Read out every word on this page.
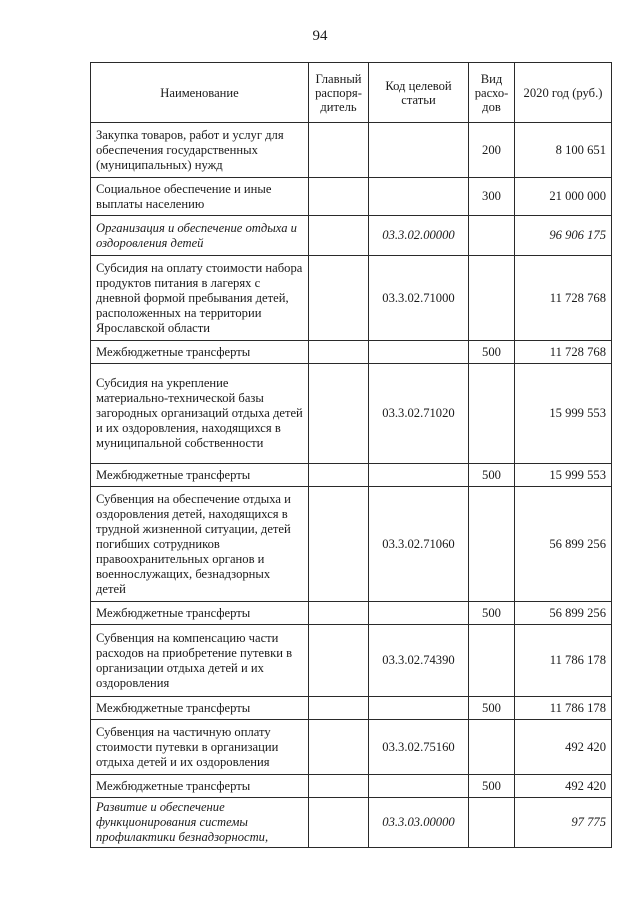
94
Наименование	Главный распоря-дитель	Код целевой статьи	Вид расхо-дов	2020 год (руб.)
Закупка товаров, работ и услуг для обеспечения государственных (муниципальных) нужд			200	8 100 651
Социальное обеспечение и иные выплаты населению			300	21 000 000
Организация и обеспечение отдыха и оздоровления детей		03.3.02.00000		96 906 175
Субсидия на оплату стоимости набора продуктов питания в лагерях с дневной формой пребывания детей, расположенных на территории Ярославской области		03.3.02.71000		11 728 768
Межбюджетные трансферты			500	11 728 768
Субсидия на укрепление материально-технической базы загородных организаций отдыха детей и их оздоровления, находящихся в муниципальной собственности		03.3.02.71020		15 999 553
Межбюджетные трансферты			500	15 999 553
Субвенция на обеспечение отдыха и оздоровления детей, находящихся в трудной жизненной ситуации, детей погибших сотрудников правоохранительных органов и военнослужащих, безнадзорных детей		03.3.02.71060		56 899 256
Межбюджетные трансферты			500	56 899 256
Субвенция на компенсацию части расходов на приобретение путевки в организации отдыха детей и их оздоровления		03.3.02.74390		11 786 178
Межбюджетные трансферты			500	11 786 178
Субвенция на частичную оплату стоимости путевки в организации отдыха детей и их оздоровления		03.3.02.75160		492 420
Межбюджетные трансферты			500	492 420
Развитие и обеспечение функционирования системы профилактики безнадзорности,		03.3.03.00000		97 775
